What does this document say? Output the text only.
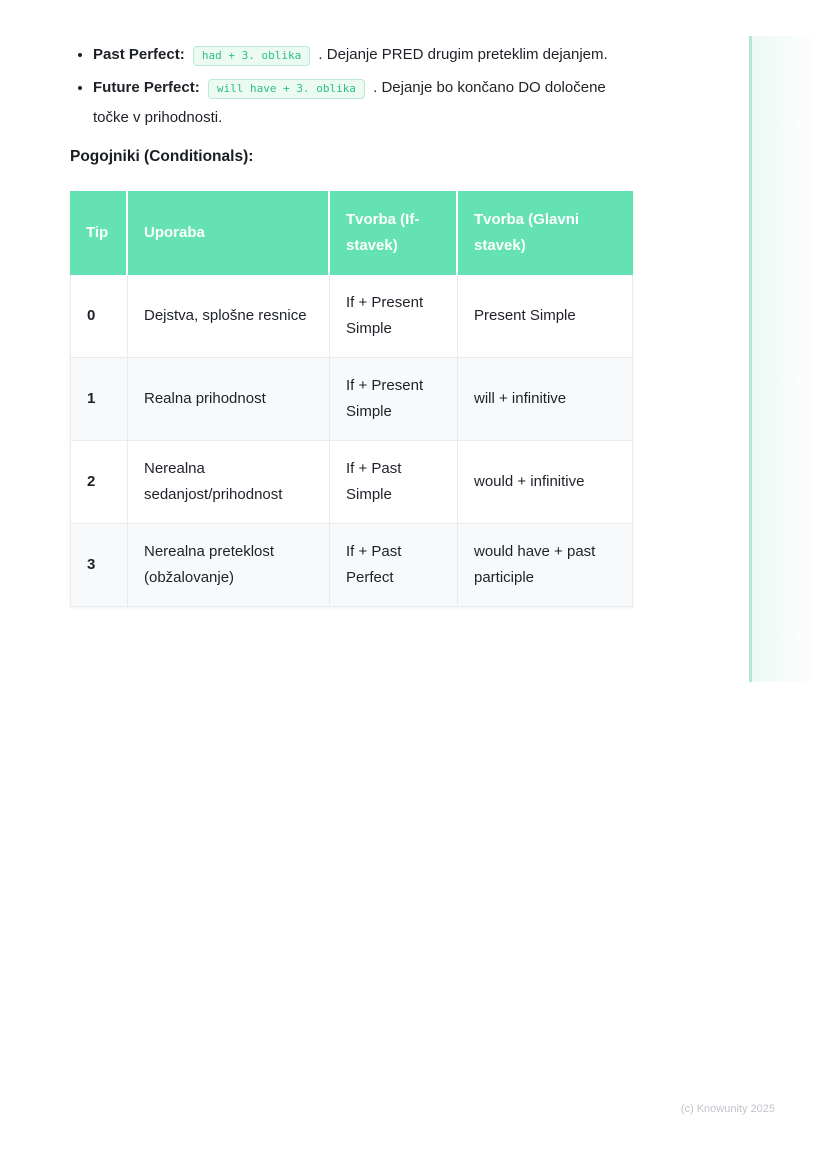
• Past Perfect: had + 3. oblika . Dejanje PRED drugim preteklim dejanjem.
• Future Perfect: will have + 3. oblika . Dejanje bo končano DO določene točke v prihodnosti.
Pogojniki (Conditionals):
Tip	Uporaba	Tvorba (If-stavek)	Tvorba (Glavni stavek)
0	Dejstva, splošne resnice	If + Present Simple	Present Simple
1	Realna prihodnost	If + Present Simple	will + infinitive
2	Nerealna sedanjost/prihodnost	If + Past Simple	would + infinitive
3	Nerealna preteklost (obžalovanje)	If + Past Perfect	would have + past participle
(c) Knowunity 2025
